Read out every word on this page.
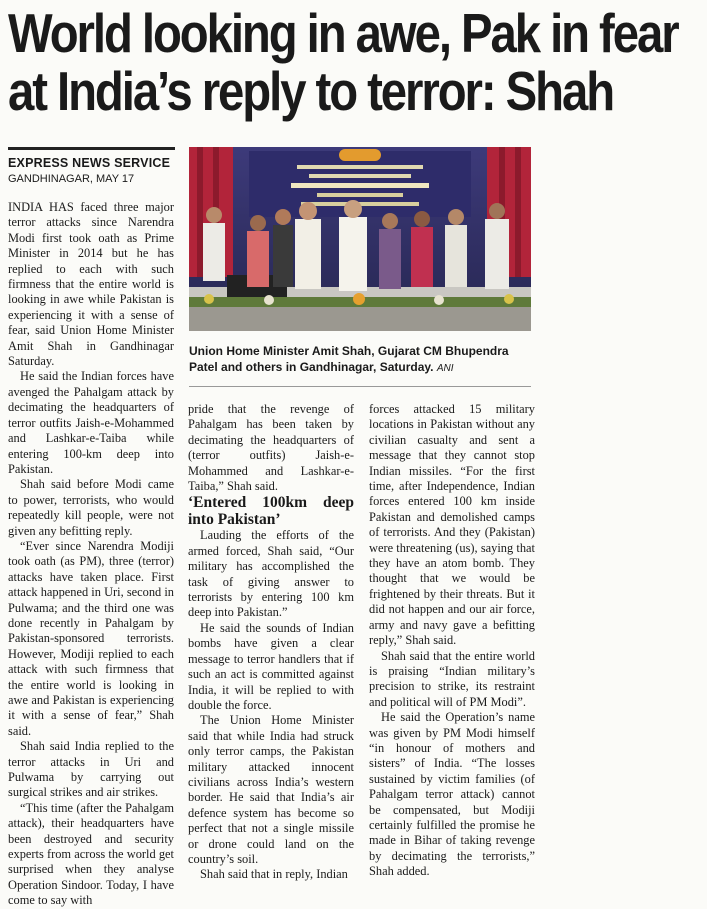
World looking in awe, Pak in fear
at India’s reply to terror: Shah
EXPRESS NEWS SERVICE
GANDHINAGAR, MAY 17

INDIA HAS faced three major terror attacks since Narendra Modi first took oath as Prime Minister in 2014 but he has replied to each with such firmness that the entire world is looking in awe while Pakistan is experiencing it with a sense of fear, said Union Home Minister Amit Shah in Gandhinagar Saturday.

He said the Indian forces have avenged the Pahalgam attack by decimating the headquarters of terror outfits Jaish-e-Mohammed and Lashkar-e-Taiba while entering 100-km deep into Pakistan.

Shah said before Modi came to power, terrorists, who would repeatedly kill people, were not given any befitting reply.

“Ever since Narendra Modiji took oath (as PM), three (terror) attacks have taken place. First attack happened in Uri, second in Pulwama; and the third one was done recently in Pahalgam by Pakistan-sponsored terrorists. However, Modiji replied to each attack with such firmness that the entire world is looking in awe and Pakistan is experiencing it with a sense of fear,” Shah said.

Shah said India replied to the terror attacks in Uri and Pulwama by carrying out surgical strikes and air strikes.

“This time (after the Pahalgam attack), their headquarters have been destroyed and security experts from across the world get surprised when they analyse Operation Sindoor. Today, I have come to say with

Union Home Minister Amit Shah, Gujarat CM Bhupendra Patel and others in Gandhinagar, Saturday. ANI

pride that the revenge of Pahalgam has been taken by decimating the headquarters of (terror outfits) Jaish-e-Mohammed and Lashkar-e-Taiba,” Shah said.

‘Entered 100km deep into Pakistan’

Lauding the efforts of the armed forced, Shah said, “Our military has accomplished the task of giving answer to terrorists by entering 100 km deep into Pakistan.”

He said the sounds of Indian bombs have given a clear message to terror handlers that if such an act is committed against India, it will be replied to with double the force.

The Union Home Minister said that while India had struck only terror camps, the Pakistan military attacked innocent civilians across India’s western border. He said that India’s air defence system has become so perfect that not a single missile or drone could land on the country’s soil.

Shah said that in reply, Indian

forces attacked 15 military locations in Pakistan without any civilian casualty and sent a message that they cannot stop Indian missiles. “For the first time, after Independence, Indian forces entered 100 km inside Pakistan and demolished camps of terrorists. And they (Pakistan) were threatening (us), saying that they have an atom bomb. They thought that we would be frightened by their threats. But it did not happen and our air force, army and navy gave a befitting reply,” Shah said.

Shah said that the entire world is praising “Indian military’s precision to strike, its restraint and political will of PM Modi”.

He said the Operation’s name was given by PM Modi himself “in honour of mothers and sisters” of India. “The losses sustained by victim families (of Pahalgam terror attack) cannot be compensated, but Modiji certainly fulfilled the promise he made in Bihar of taking revenge by decimating the terrorists,” Shah added.
